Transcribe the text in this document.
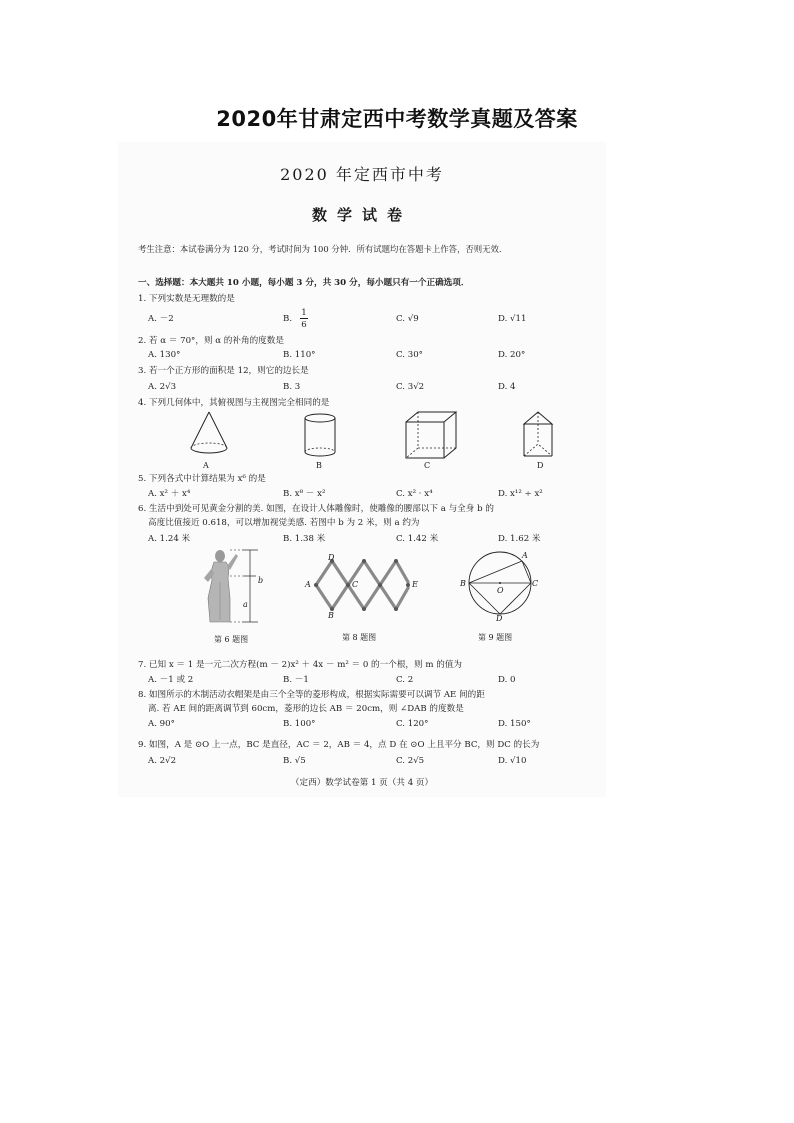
2020年甘肃定西中考数学真题及答案
2020 年定西市中考
数学试卷
考生注意：本试卷满分为 120 分，考试时间为 100 分钟．所有试题均在答题卡上作答，否则无效．
一、选择题：本大题共 10 小题，每小题 3 分，共 30 分，每小题只有一个正确选项．
1. 下列实数是无理数的是
A. －2	B.
1
6
C. √9	D. √11
2. 若 α ＝ 70°，则 α 的补角的度数是
A. 130°	B. 110°	C. 30°	D. 20°
3. 若一个正方形的面积是 12，则它的边长是
A. 2√3	B. 3	C. 3√2	D. 4
4. 下列几何体中，其俯视图与主视图完全相同的是
A	B	C	D
5. 下列各式中计算结果为 x⁶ 的是
A. x² ＋ x⁴	B. x⁸ － x²	C. x² · x⁴	D. x¹² ÷ x²
6. 生活中到处可见黄金分割的美. 如图，在设计人体雕像时，使雕像的腰部以下 a 与全身 b 的
高度比值接近 0.618，可以增加视觉美感. 若图中 b 为 2 米，则 a 约为
A. 1.24 米	B. 1.38 米	C. 1.42 米	D. 1.62 米
b
a
第 6 题图
D
A	C	E
B
第 8 题图
A
B	C
O
D
第 9 题图
7. 已知 x ＝ 1 是一元二次方程(m － 2)x² ＋ 4x － m² ＝ 0 的一个根，则 m 的值为
A. －1 或 2	B. －1	C. 2	D. 0
8. 如图所示的木制活动衣帽架是由三个全等的菱形构成，根据实际需要可以调节 AE 间的距
离. 若 AE 间的距离调节到 60cm，菱形的边长 AB ＝ 20cm，则 ∠DAB 的度数是
A. 90°	B. 100°	C. 120°	D. 150°
9. 如图，A 是 ⊙O 上一点，BC 是直径，AC ＝ 2，AB ＝ 4，点 D 在 ⊙O 上且平分 BC，则 DC 的长为
A. 2√2	B. √5	C. 2√5	D. √10
（定西）数学试卷第 1 页（共 4 页）
